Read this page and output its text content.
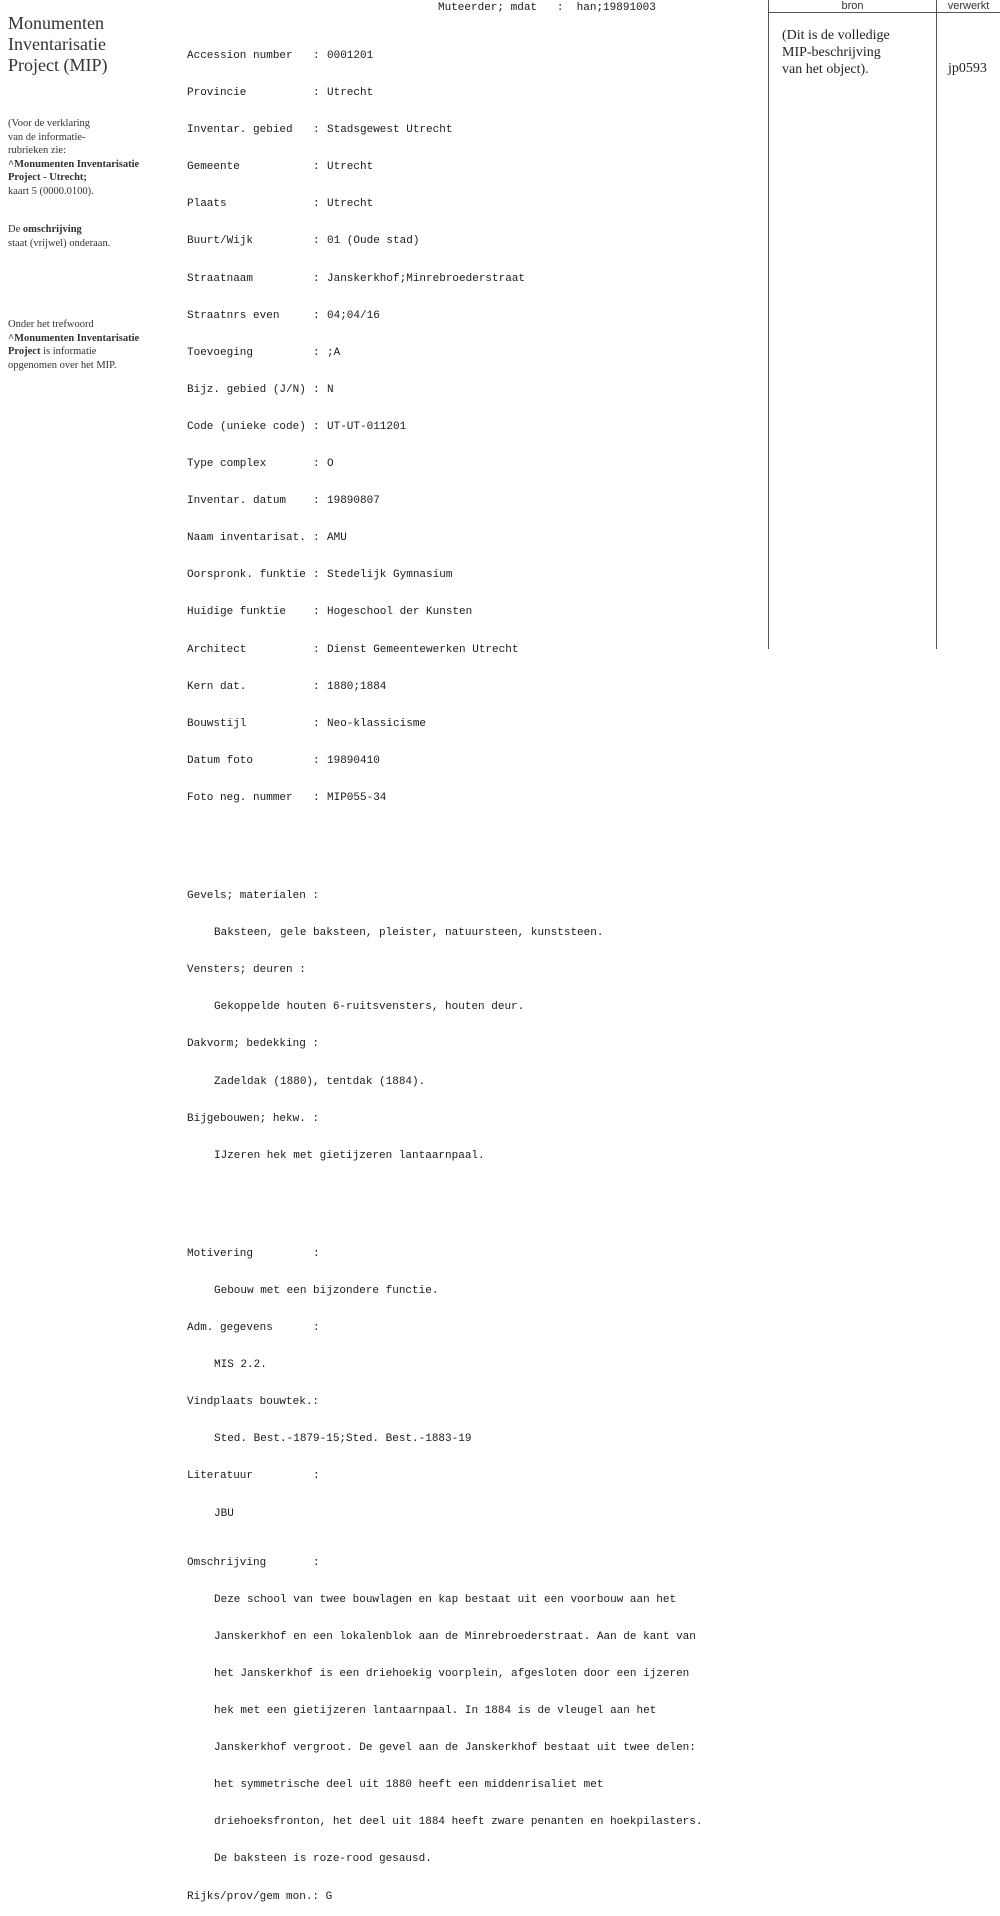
Monumenten
Inventarisatie
Project (MIP)
(Voor de verklaring
van de informatie-
rubrieken zie:
^Monumenten Inventarisatie
Project - Utrecht;
kaart 5 (0000.0100).
De omschrijving
staat (vrijwel) onderaan.
Onder het trefwoord
^Monumenten Inventarisatie
Project is informatie
opgenomen over het MIP.

Muteerder; mdat   :  han;19891003

Accession number : 0001201

Provincie	: Utrecht

Inventar. gebied : Stadsgewest Utrecht

Gemeente	: Utrecht

Plaats	: Utrecht

Buurt/Wijk	: 01 (Oude stad)

Straatnaam	: Janskerkhof;Minrebroederstraat

Straatnrs even	: 04;04/16

Toevoeging	: ;A

Bijz. gebied (J/N) : N

Code (unieke code) : UT-UT-011201

Type complex	: O

Inventar. datum : 19890807

Naam inventarisat. : AMU

Oorspronk. funktie : Stedelijk Gymnasium

Huidige funktie : Hogeschool der Kunsten

Architect	: Dienst Gemeentewerken Utrecht

Kern dat.	: 1880;1884

Bouwstijl	: Neo-klassicisme

Datum foto	: 19890410

Foto neg. nummer : MIP055-34

Gevels; materialen :

Baksteen, gele baksteen, pleister, natuursteen, kunststeen.

Vensters; deuren :

Gekoppelde houten 6-ruitsvensters, houten deur.

Dakvorm; bedekking :

Zadeldak (1880), tentdak (1884).

Bijgebouwen; hekw. :

IJzeren hek met gietijzeren lantaarnpaal.

Motivering	:

Gebouw met een bijzondere functie.

Adm. gegevens	:

MIS 2.2.

Vindplaats bouwtek.:

Sted. Best.-1879-15;Sted. Best.-1883-19

Literatuur	:

JBU

Omschrijving	:

Deze school van twee bouwlagen en kap bestaat uit een voorbouw aan het

Janskerkhof en een lokalenblok aan de Minrebroederstraat. Aan de kant van

het Janskerkhof is een driehoekig voorplein, afgesloten door een ijzeren

hek met een gietijzeren lantaarnpaal. In 1884 is de vleugel aan het

Janskerkhof vergroot. De gevel aan de Janskerkhof bestaat uit twee delen:

het symmetrische deel uit 1880 heeft een middenrisaliet met

driehoeksfronton, het deel uit 1884 heeft zware penanten en hoekpilasters.

De baksteen is roze-rood gesausd.

Rijks/prov/gem mon.: G

bron	verwerkt
(Dit is de volledige
MIP-beschrijving
van het object).	jp0593
